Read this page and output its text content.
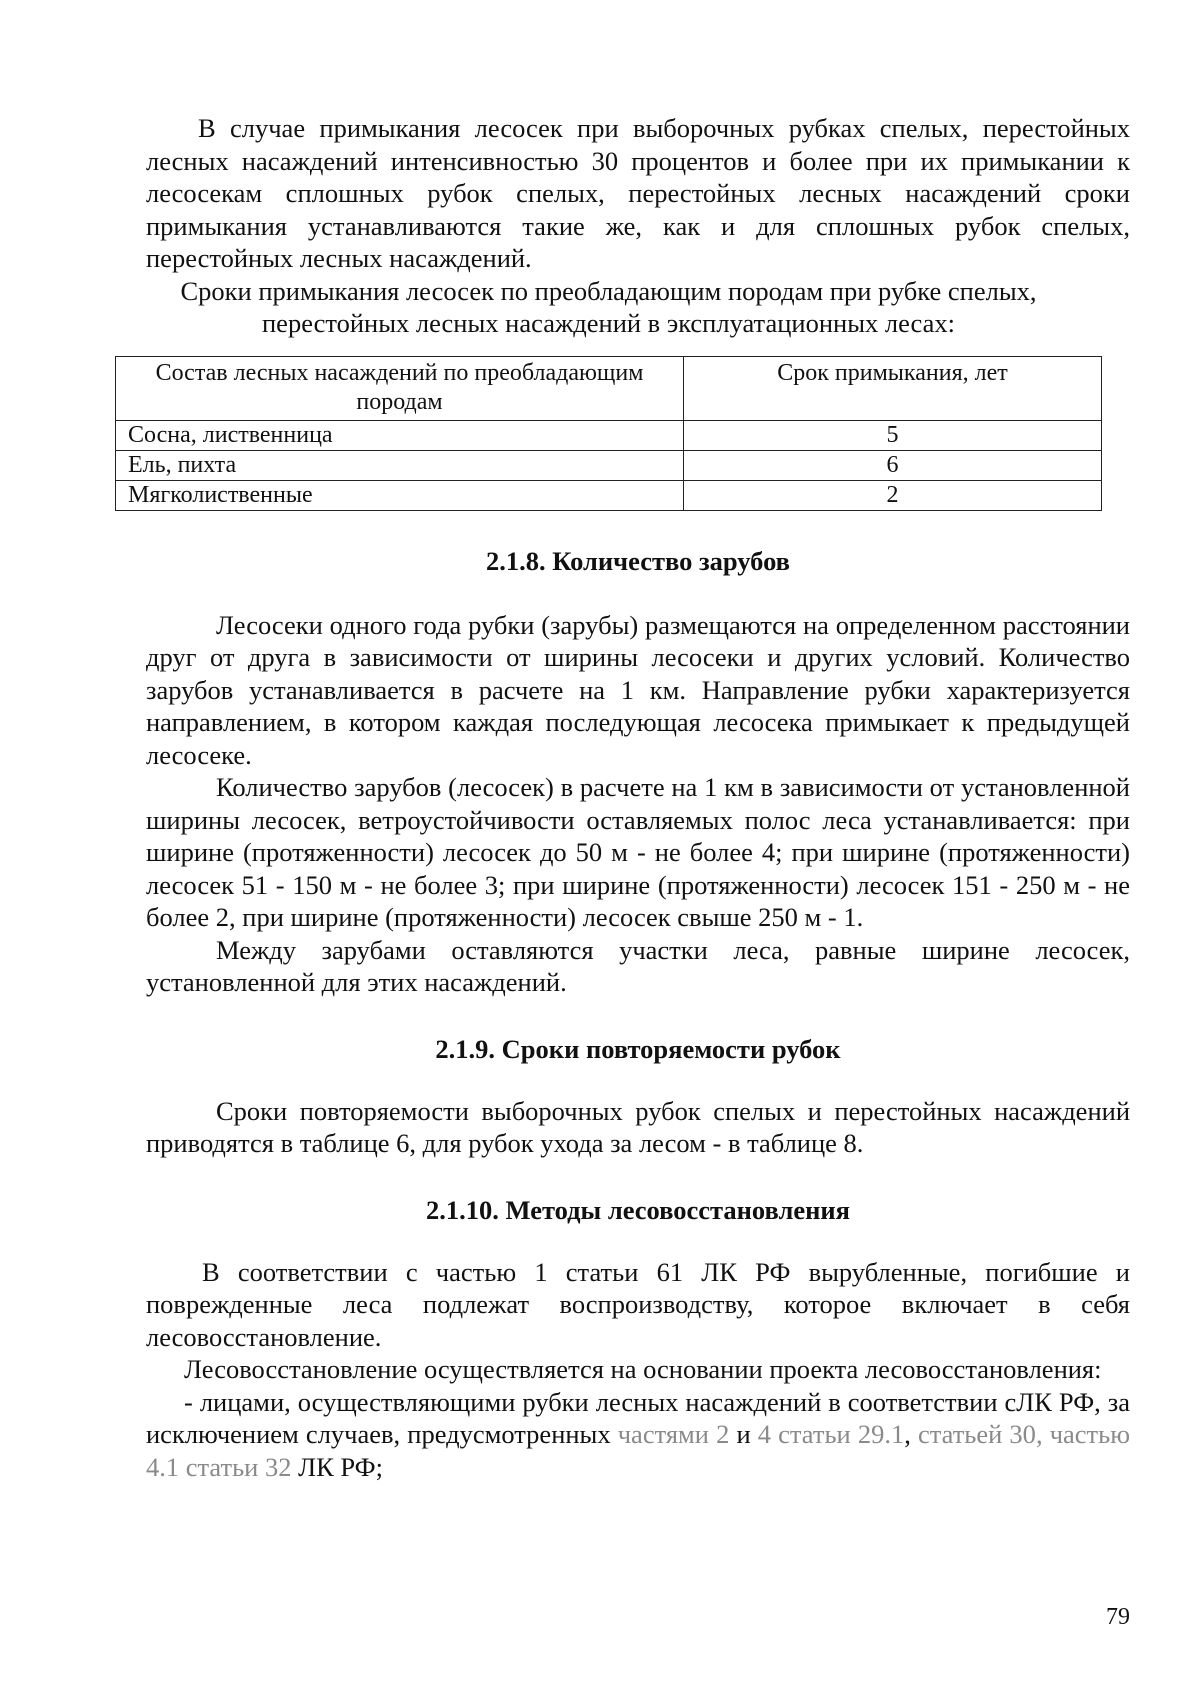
В случае примыкания лесосек при выборочных рубках спелых, перестойных лесных насаждений интенсивностью 30 процентов и более при их примыкании к лесосекам сплошных рубок спелых, перестойных лесных насаждений сроки примыкания устанавливаются такие же, как и для сплошных рубок спелых, перестойных лесных насаждений.

Сроки примыкания лесосек по преобладающим породам при рубке спелых,

перестойных лесных насаждений в эксплуатационных лесах:

Состав лесных насаждений по преобладающим породам	Срок примыкания, лет
Сосна, лиственница	5
Ель, пихта	6
Мягколиственные	2
2.1.8. Количество зарубов

Лесосеки одного года рубки (зарубы) размещаются на определенном расстоянии друг от друга в зависимости от ширины лесосеки и других условий. Количество зарубов устанавливается в расчете на 1 км. Направление рубки характеризуется направлением, в котором каждая последующая лесосека примыкает к предыдущей лесосеке.

Количество зарубов (лесосек) в расчете на 1 км в зависимости от установленной ширины лесосек, ветроустойчивости оставляемых полос леса устанавливается: при ширине (протяженности) лесосек до 50 м - не более 4; при ширине (протяженности) лесосек 51 - 150 м - не более 3; при ширине (протяженности) лесосек 151 - 250 м - не более 2, при ширине (протяженности) лесосек свыше 250 м - 1.

Между зарубами оставляются участки леса, равные ширине лесосек, установленной для этих насаждений.

2.1.9. Сроки повторяемости рубок

Сроки повторяемости выборочных рубок спелых и перестойных насаждений приводятся в таблице 6, для рубок ухода за лесом - в таблице 8.

2.1.10. Методы лесовосстановления

В соответствии с частью 1 статьи 61 ЛК РФ вырубленные, погибшие и поврежденные леса подлежат воспроизводству, которое включает в себя лесовосстановление.

Лесовосстановление осуществляется на основании проекта лесовосстановления:

- лицами, осуществляющими рубки лесных насаждений в соответствии сЛК РФ, за исключением случаев, предусмотренных частями 2 и 4 статьи 29.1, статьей 30, частью 4.1 статьи 32 ЛК РФ;

79
